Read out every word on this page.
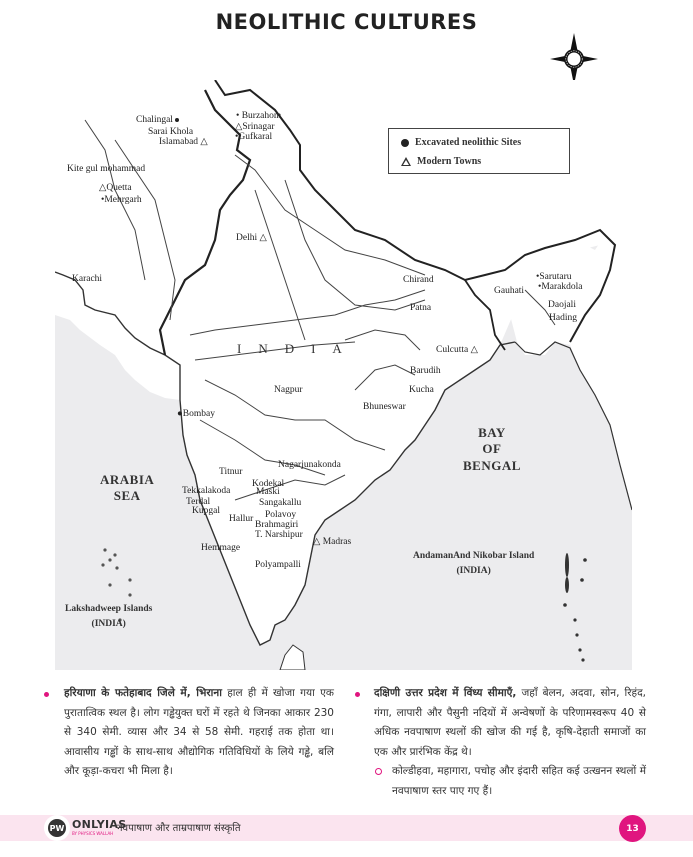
NEOLITHIC CULTURES
Chalingal	• Burzahom
Sarai Khola	△Srinagar
•Gufkaral
Islamabad △
Kite gul mohammad
△Quetta
•Mehrgarh
Delhi △
Karachi	Chirand
Patna
Gauhati
•Sarutaru
•Marakdola
Daojali
Hading
Culcutta △
Barudih
Kucha
Bhuneswar
Nagpur
●Bombay
Nagarjunakonda
Titnur
Kodekal
Tekkalakoda	Maski
Terdal	Sangakallu
Kupgal
Hallur Polavoy
Brahmagiri
T. Narshipur
△ Madras
Hemmage
Polyampalli
INDIA
ARABIA
SEA
BAY
OF
BENGAL
Lakshadweep Islands
(INDIA)
AndamanAnd Nikobar Island
(INDIA)
Excavated neolithic Sites
Modern Towns
हरियाणा के फतेहाबाद जिले में, भिराना हाल ही में खोजा गया एक पुरातात्विक स्थल है। लोग गड्ढेयुक्त घरों में रहते थे जिनका आकार 230 से 340 सेमी. व्यास और 34 से 58 सेमी. गहराई तक होता था। आवासीय गड्ढों के साथ-साथ औद्योगिक गतिविधियों के लिये गड्ढे, बलि और कूड़ा-कचरा भी मिला है।
दक्षिणी उत्तर प्रदेश में विंध्य सीमाएँ, जहाँ बेलन, अदवा, सोन, रिहंद, गंगा, लापारी और पैसुनी नदियों में अन्वेषणों के परिणामस्वरूप 40 से अधिक नवपाषाण स्थलों की खोज की गई है, कृषि-देहाती समाजों का एक और प्रारंभिक केंद्र थे।
कोल्डीहवा, महागारा, पचोह और इंदारी सहित कई उत्खनन स्थलों में नवपाषाण स्तर पाए गए हैं।
PW ONLYIAS
BY PHYSICS WALLAH नवपाषाण और ताम्रपाषाण संस्कृति	13
